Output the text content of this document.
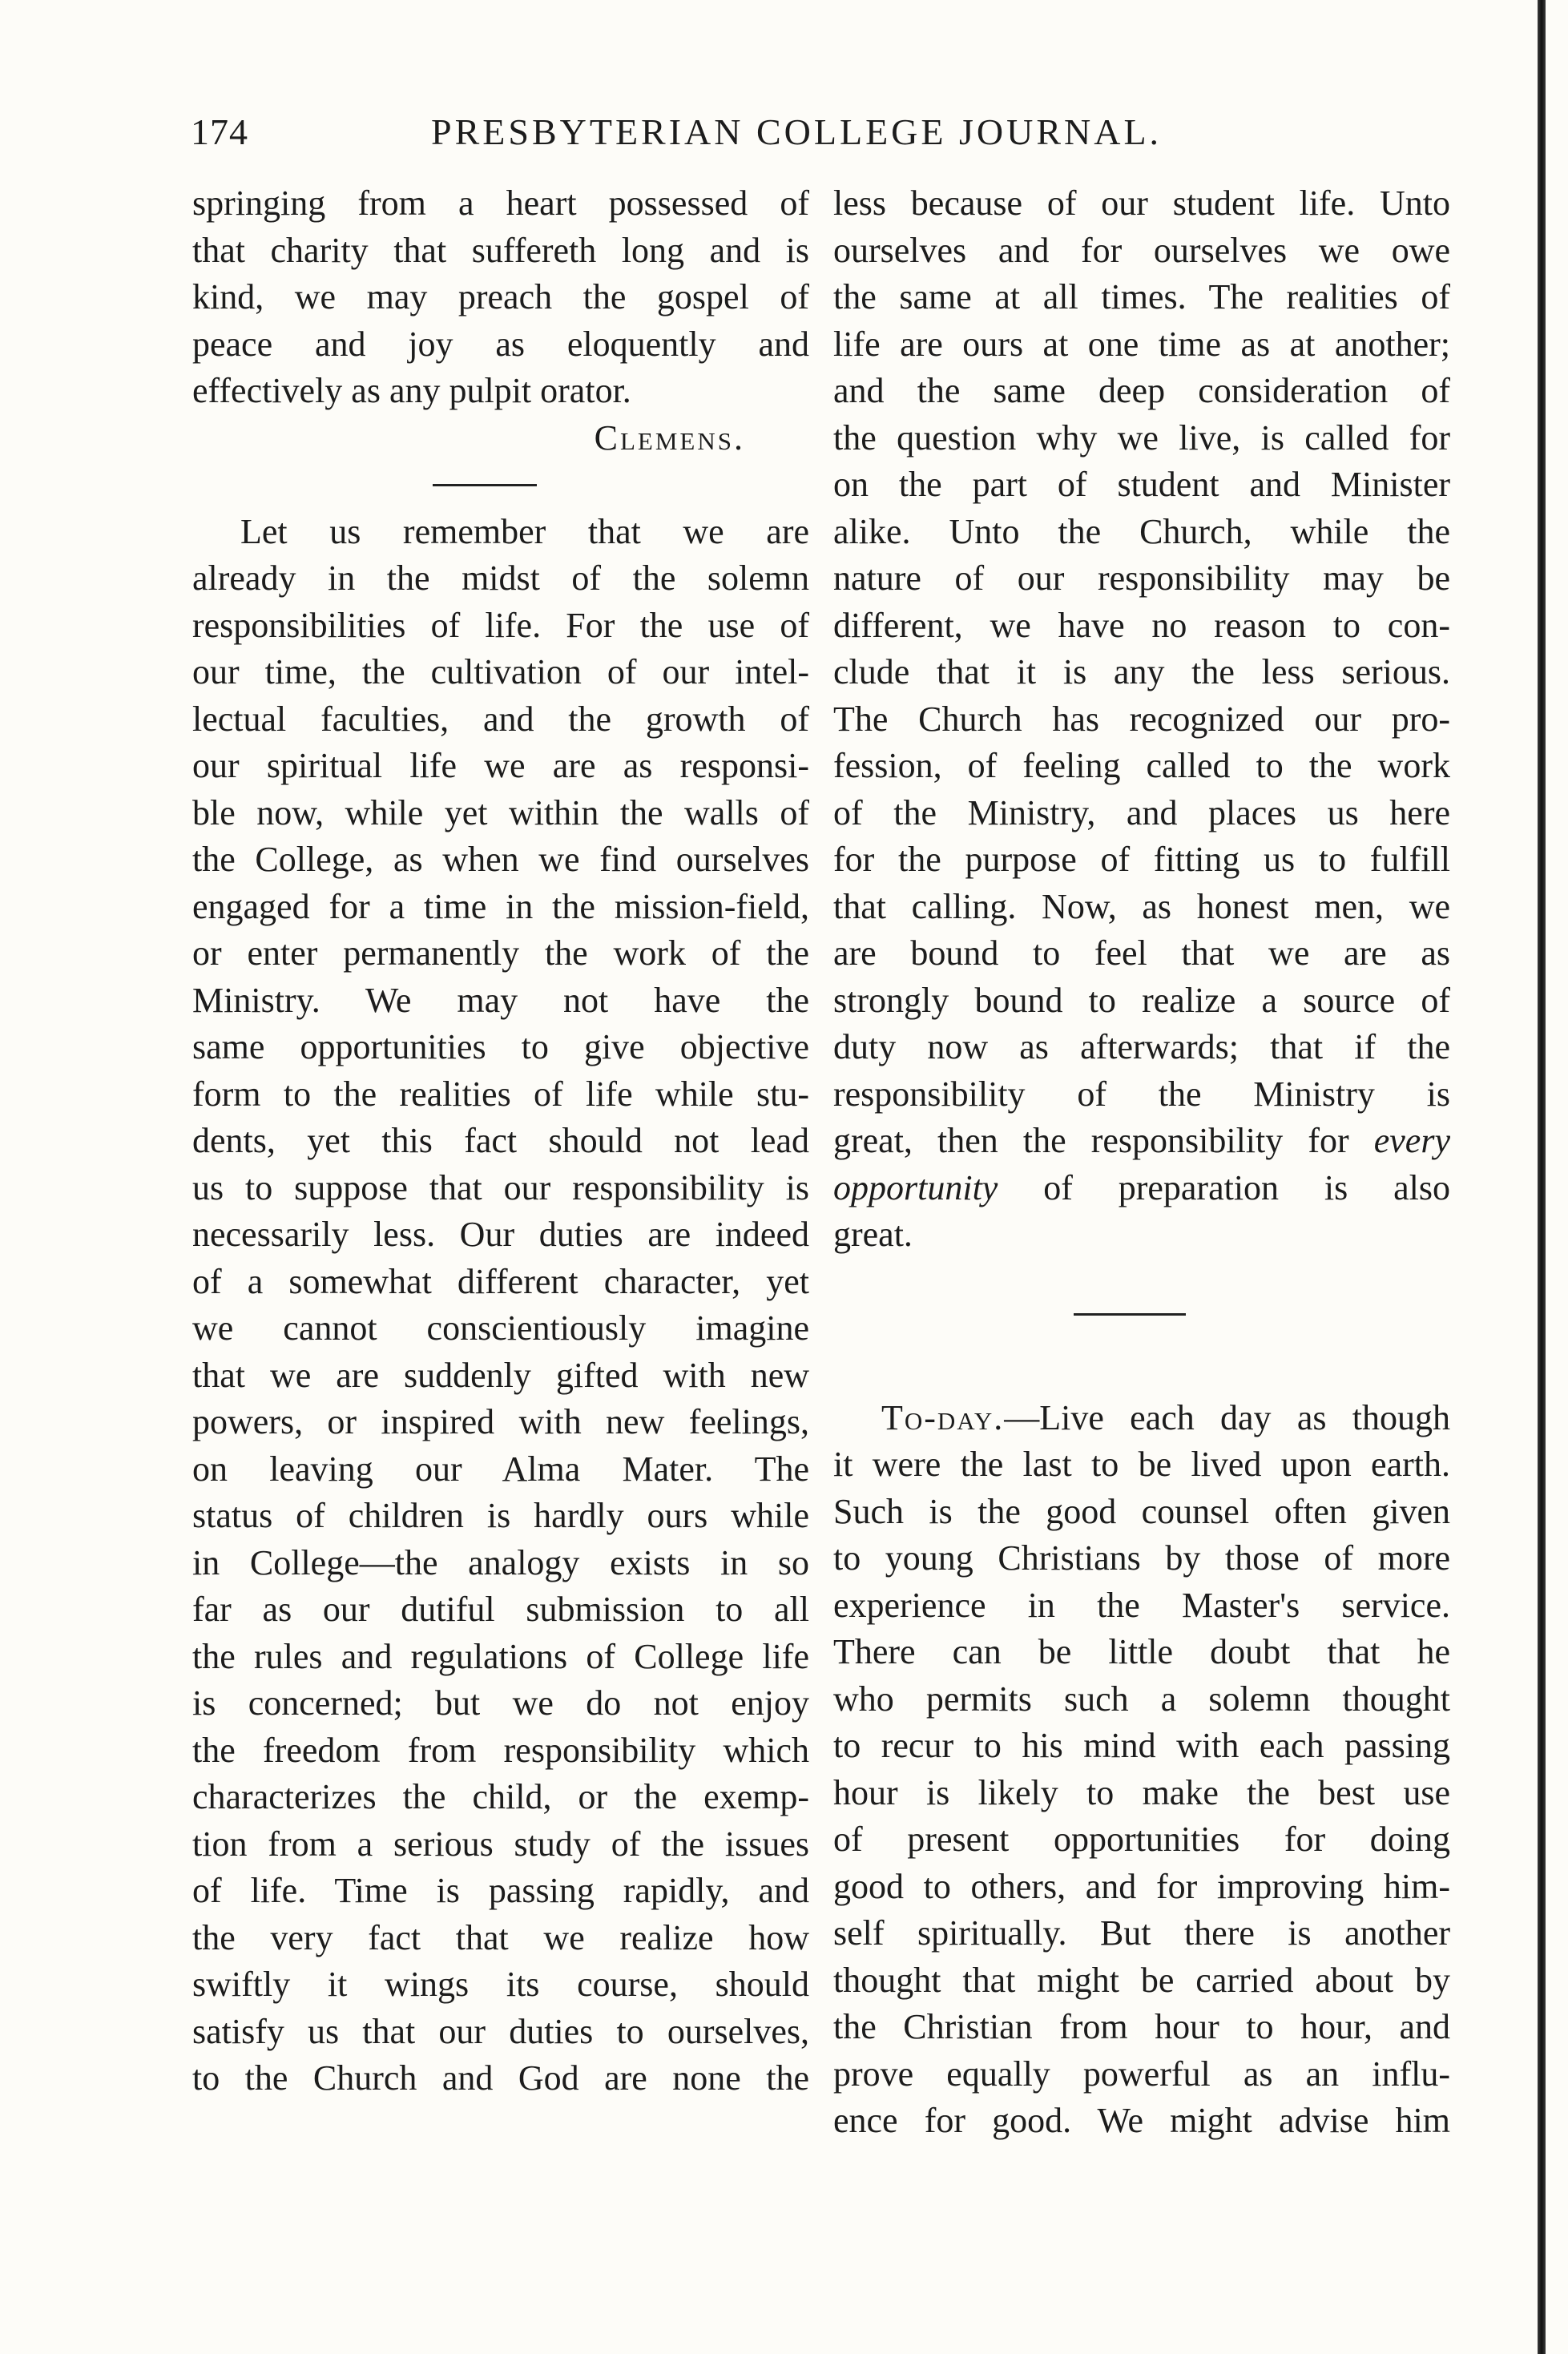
174	PRESBYTERIAN COLLEGE JOURNAL.
springing from a heart possessed of
that charity that suffereth long and is
kind, we may preach the gospel of
peace and joy as eloquently and
effectively as any pulpit orator.
Clemens.
Let us remember that we are
already in the midst of the solemn
responsibilities of life. For the use of
our time, the cultivation of our intel-
lectual faculties, and the growth of
our spiritual life we are as responsi-
ble now, while yet within the walls of
the College, as when we find ourselves
engaged for a time in the mission-field,
or enter permanently the work of the
Ministry. We may not have the
same opportunities to give objective
form to the realities of life while stu-
dents, yet this fact should not lead
us to suppose that our responsibility is
necessarily less. Our duties are indeed
of a somewhat different character, yet
we cannot conscientiously imagine
that we are suddenly gifted with new
powers, or inspired with new feelings,
on leaving our Alma Mater. The
status of children is hardly ours while
in College—the analogy exists in so
far as our dutiful submission to all
the rules and regulations of College life
is concerned; but we do not enjoy
the freedom from responsibility which
characterizes the child, or the exemp-
tion from a serious study of the issues
of life. Time is passing rapidly, and
the very fact that we realize how
swiftly it wings its course, should
satisfy us that our duties to ourselves,
to the Church and God are none the
less because of our student life. Unto
ourselves and for ourselves we owe
the same at all times. The realities of
life are ours at one time as at another;
and the same deep consideration of
the question why we live, is called for
on the part of student and Minister
alike. Unto the Church, while the
nature of our responsibility may be
different, we have no reason to con-
clude that it is any the less serious.
The Church has recognized our pro-
fession, of feeling called to the work
of the Ministry, and places us here
for the purpose of fitting us to fulfill
that calling. Now, as honest men, we
are bound to feel that we are as
strongly bound to realize a source of
duty now as afterwards; that if the
responsibility of the Ministry is
great, then the responsibility for every
opportunity of preparation is also
great.
To-day.—Live each day as though
it were the last to be lived upon earth.
Such is the good counsel often given
to young Christians by those of more
experience in the Master's service.
There can be little doubt that he
who permits such a solemn thought
to recur to his mind with each passing
hour is likely to make the best use
of present opportunities for doing
good to others, and for improving him-
self spiritually. But there is another
thought that might be carried about by
the Christian from hour to hour, and
prove equally powerful as an influ-
ence for good. We might advise him
